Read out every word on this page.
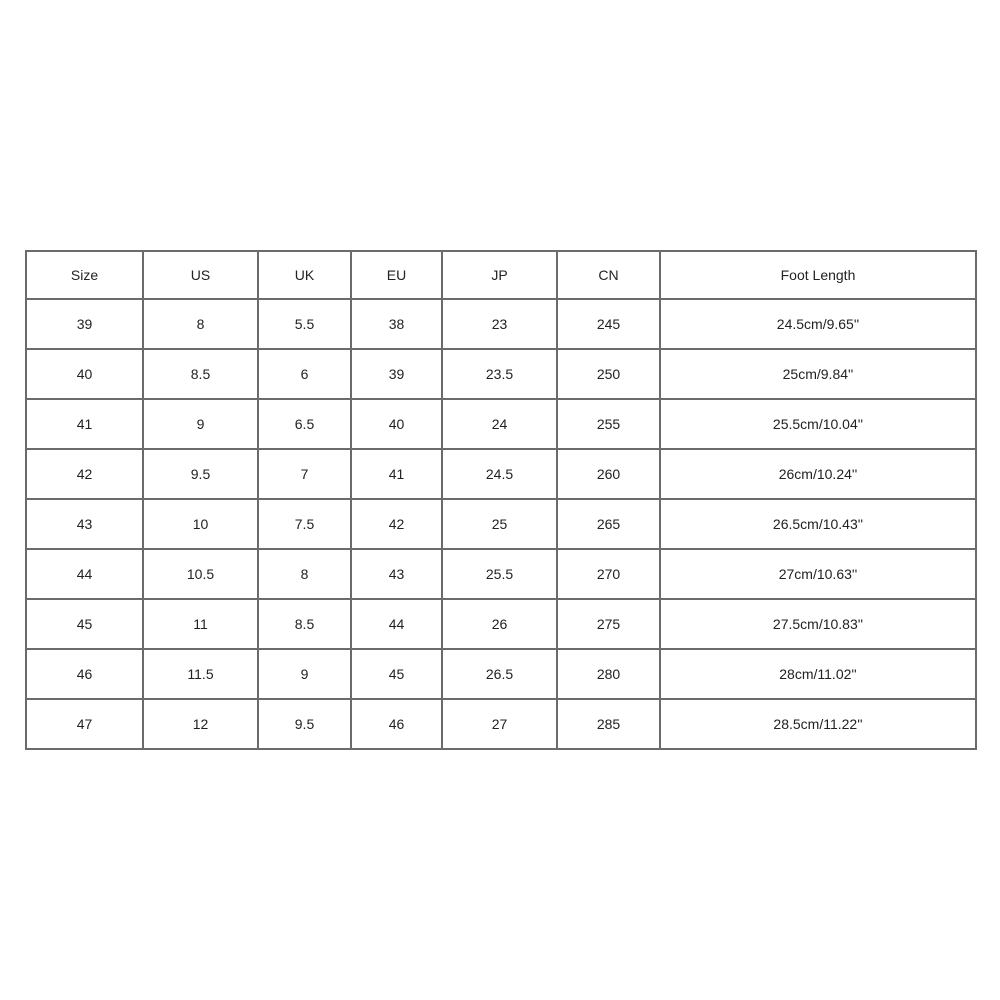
Size	US	UK	EU	JP	CN	Foot Length
39	8	5.5	38	23	245	24.5cm/9.65''
40	8.5	6	39	23.5	250	25cm/9.84''
41	9	6.5	40	24	255	25.5cm/10.04''
42	9.5	7	41	24.5	260	26cm/10.24''
43	10	7.5	42	25	265	26.5cm/10.43''
44	10.5	8	43	25.5	270	27cm/10.63''
45	11	8.5	44	26	275	27.5cm/10.83''
46	11.5	9	45	26.5	280	28cm/11.02''
47	12	9.5	46	27	285	28.5cm/11.22''
